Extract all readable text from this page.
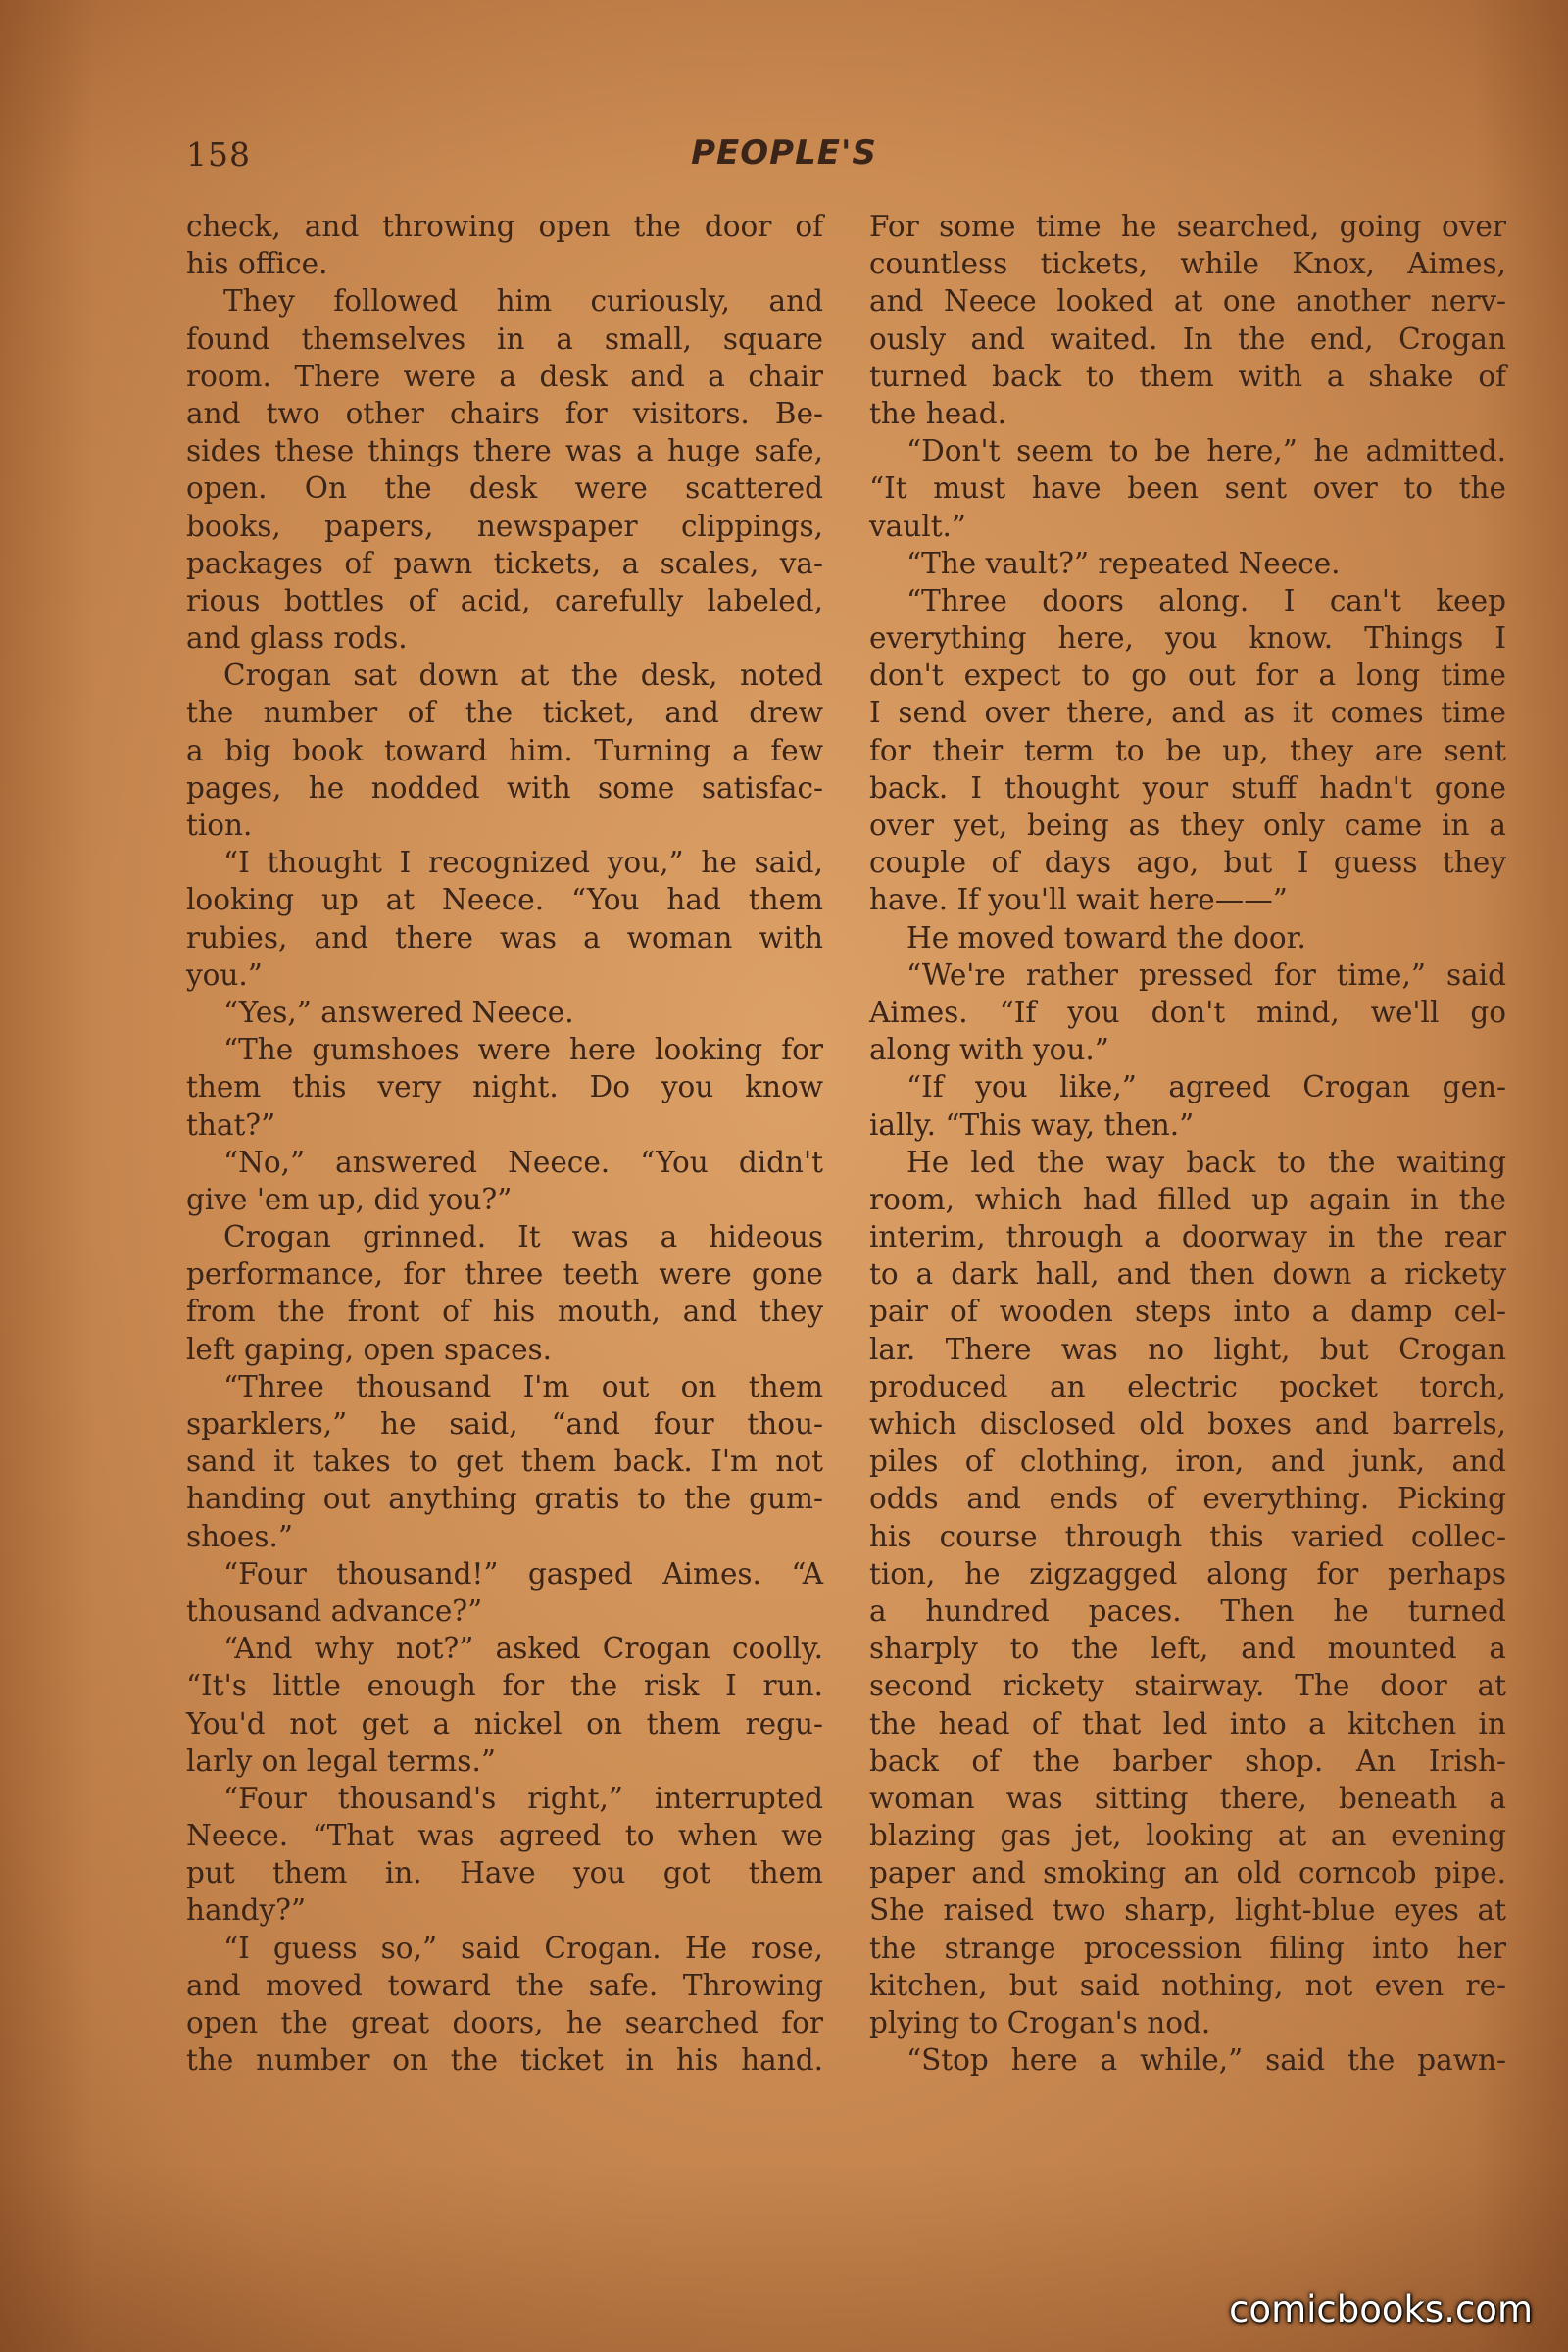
158	PEOPLE'S
check, and throwing open the door of
his office.
They followed him curiously, and
found themselves in a small, square
room. There were a desk and a chair
and two other chairs for visitors. Be-
sides these things there was a huge safe,
open. On the desk were scattered
books, papers, newspaper clippings,
packages of pawn tickets, a scales, va-
rious bottles of acid, carefully labeled,
and glass rods.
Crogan sat down at the desk, noted
the number of the ticket, and drew
a big book toward him. Turning a few
pages, he nodded with some satisfac-
tion.
“I thought I recognized you,” he said,
looking up at Neece. “You had them
rubies, and there was a woman with
you.”
“Yes,” answered Neece.
“The gumshoes were here looking for
them this very night. Do you know
that?”
“No,” answered Neece. “You didn't
give 'em up, did you?”
Crogan grinned. It was a hideous
performance, for three teeth were gone
from the front of his mouth, and they
left gaping, open spaces.
“Three thousand I'm out on them
sparklers,” he said, “and four thou-
sand it takes to get them back. I'm not
handing out anything gratis to the gum-
shoes.”
“Four thousand!” gasped Aimes. “A
thousand advance?”
“And why not?” asked Crogan coolly.
“It's little enough for the risk I run.
You'd not get a nickel on them regu-
larly on legal terms.”
“Four thousand's right,” interrupted
Neece. “That was agreed to when we
put them in. Have you got them
handy?”
“I guess so,” said Crogan. He rose,
and moved toward the safe. Throwing
open the great doors, he searched for
the number on the ticket in his hand.
For some time he searched, going over
countless tickets, while Knox, Aimes,
and Neece looked at one another nerv-
ously and waited. In the end, Crogan
turned back to them with a shake of
the head.
“Don't seem to be here,” he admitted.
“It must have been sent over to the
vault.”
“The vault?” repeated Neece.
“Three doors along. I can't keep
everything here, you know. Things I
don't expect to go out for a long time
I send over there, and as it comes time
for their term to be up, they are sent
back. I thought your stuff hadn't gone
over yet, being as they only came in a
couple of days ago, but I guess they
have. If you'll wait here——”
He moved toward the door.
“We're rather pressed for time,” said
Aimes. “If you don't mind, we'll go
along with you.”
“If you like,” agreed Crogan gen-
ially. “This way, then.”
He led the way back to the waiting
room, which had filled up again in the
interim, through a doorway in the rear
to a dark hall, and then down a rickety
pair of wooden steps into a damp cel-
lar. There was no light, but Crogan
produced an electric pocket torch,
which disclosed old boxes and barrels,
piles of clothing, iron, and junk, and
odds and ends of everything. Picking
his course through this varied collec-
tion, he zigzagged along for perhaps
a hundred paces. Then he turned
sharply to the left, and mounted a
second rickety stairway. The door at
the head of that led into a kitchen in
back of the barber shop. An Irish-
woman was sitting there, beneath a
blazing gas jet, looking at an evening
paper and smoking an old corncob pipe.
She raised two sharp, light-blue eyes at
the strange procession filing into her
kitchen, but said nothing, not even re-
plying to Crogan's nod.
“Stop here a while,” said the pawn-
comicbooks.com
